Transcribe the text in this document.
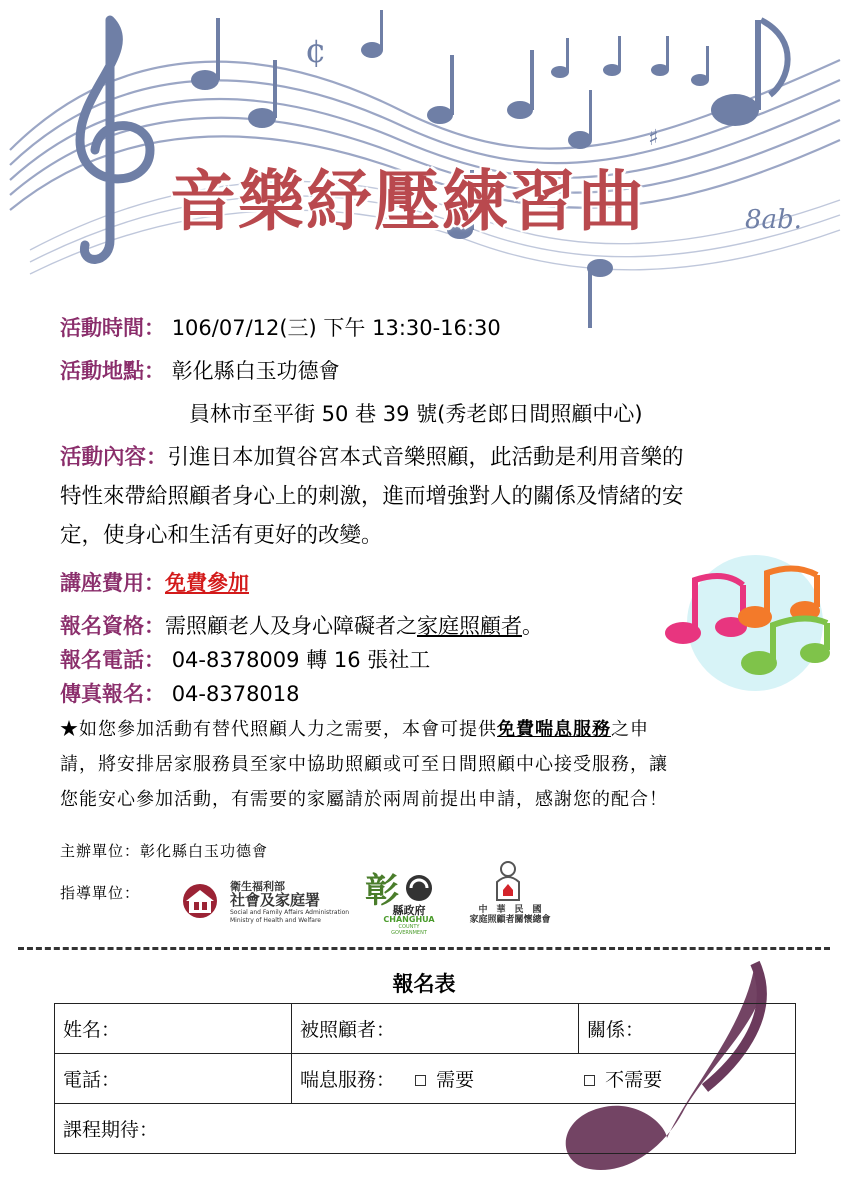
¢
♯
8ab.
音樂紓壓練習曲
活動時間： 106/07/12(三) 下午 13:30-16:30
活動地點： 彰化縣白玉功德會
員林市至平街 50 巷 39 號(秀老郎日間照顧中心)
活動內容：引進日本加賀谷宮本式音樂照顧，此活動是利用音樂的
特性來帶給照顧者身心上的刺激，進而增強對人的關係及情緒的安
定，使身心和生活有更好的改變。
講座費用：免費參加
報名資格：需照顧老人及身心障礙者之家庭照顧者。
報名電話： 04-8378009 轉 16 張社工
傳真報名： 04-8378018
★如您參加活動有替代照顧人力之需要，本會可提供免費喘息服務之申
請，將安排居家服務員至家中協助照顧或可至日間照顧中心接受服務，讓
您能安心參加活動，有需要的家屬請於兩周前提出申請，感謝您的配合！
主辦單位：彰化縣白玉功德會
指導單位：	衛生福利部
社會及家庭署
Social and Family Affairs Administration
Ministry of Health and Welfare
彰
縣政府
CHANGHUA
COUNTY
GOVERNMENT
中　華　民　國
家庭照顧者關懷總會
報名表
姓名：	被照顧者：	關係：
電話：	喘息服務： 需要 不需要	
課程期待：		
